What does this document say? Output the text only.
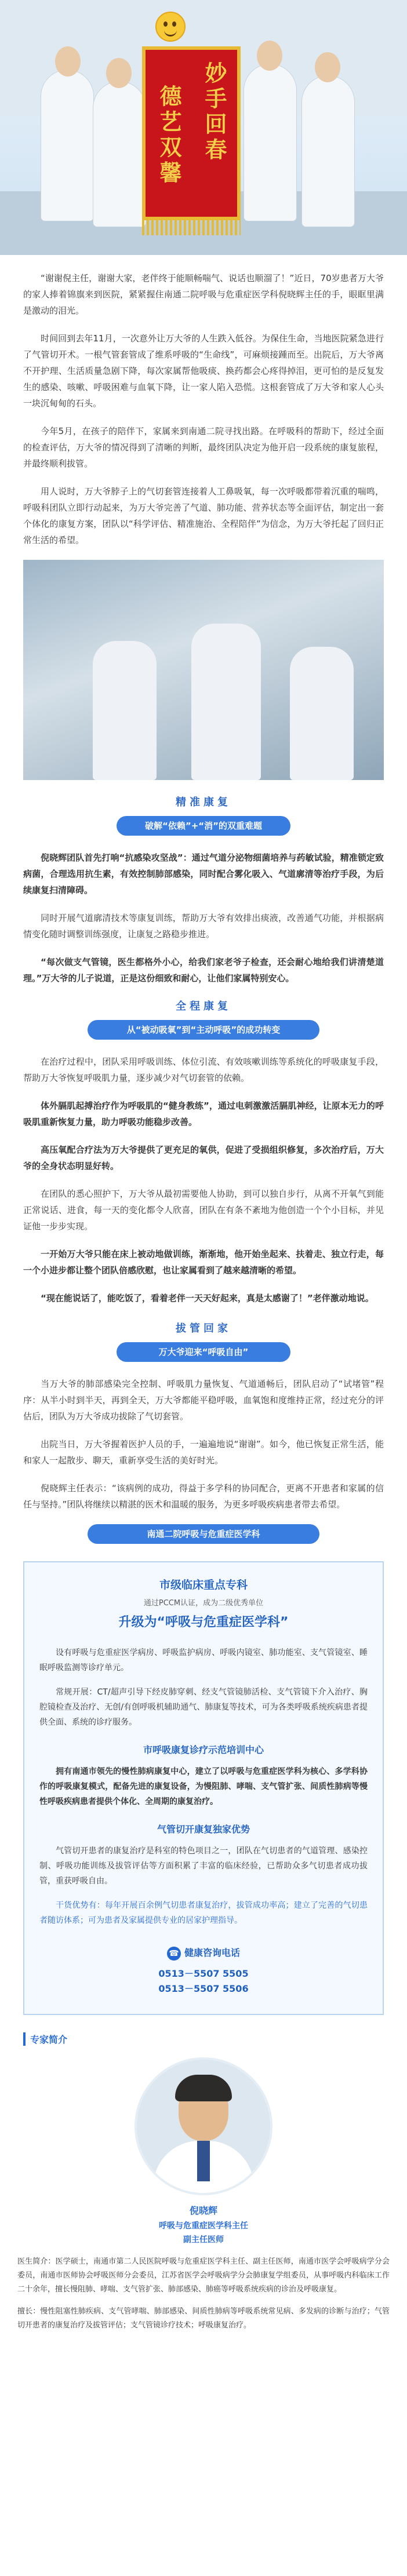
妙手回春
德艺双馨

“谢谢倪主任，谢谢大家，老伴终于能顺畅喘气、说话也顺溜了！”近日，70岁患者万大爷的家人捧着锦旗来到医院，紧紧握住南通二院呼吸与危重症医学科倪晓辉主任的手，眼眶里满是激动的泪光。

时间回到去年11月，一次意外让万大爷的人生跌入低谷。为保住生命，当地医院紧急进行了气管切开术。一根气管套管成了维系呼吸的“生命线”，可麻烦接踵而至。出院后，万大爷离不开护理、生活质量急剧下降，每次家属帮他吸痰、换药都会心疼得掉泪，更可怕的是反复发生的感染、咳嗽、呼吸困难与血氧下降，让一家人陷入恐慌。这根套管成了万大爷和家人心头一块沉甸甸的石头。

今年5月，在孩子的陪伴下，家属来到南通二院寻找出路。在呼吸科的帮助下，经过全面的检查评估，万大爷的情况得到了清晰的判断，最终团队决定为他开启一段系统的康复旅程，并最终顺利拔管。

用人说时，万大爷脖子上的气切套管连接着人工鼻吸氧，每一次呼吸都带着沉重的喘鸣，呼吸科团队立即行动起来，为万大爷完善了气道、肺功能、营养状态等全面评估，制定出一套个体化的康复方案，团队以“科学评估、精准施治、全程陪伴”为信念，为万大爷托起了回归正常生活的希望。

精准康复
破解“依赖”+“消”的双重难题

倪晓辉团队首先打响“抗感染攻坚战”：通过气道分泌物细菌培养与药敏试验，精准锁定致病菌，合理选用抗生素，有效控制肺部感染，同时配合雾化吸入、气道廓清等治疗手段，为后续康复扫清障碍。

同时开展气道廓清技术等康复训练，帮助万大爷有效排出痰液，改善通气功能，并根据病情变化随时调整训练强度，让康复之路稳步推进。

“每次做支气管镜，医生都格外小心，给我们家老爷子检查，还会耐心地给我们讲清楚道理。”万大爷的儿子说道，正是这份细致和耐心，让他们家属特别安心。

全程康复
从“被动吸氧”到“主动呼吸”的成功转变

在治疗过程中，团队采用呼吸训练、体位引流、有效咳嗽训练等系统化的呼吸康复手段，帮助万大爷恢复呼吸肌力量，逐步减少对气切套管的依赖。

体外膈肌起搏治疗作为呼吸肌的“健身教练”，通过电刺激激活膈肌神经，让原本无力的呼吸肌重新恢复力量，助力呼吸功能稳步改善。

高压氧配合疗法为万大爷提供了更充足的氧供，促进了受损组织修复，多次治疗后，万大爷的全身状态明显好转。

在团队的悉心照护下，万大爷从最初需要他人协助，到可以独自步行，从离不开氧气到能正常说话、进食，每一天的变化都令人欣喜，团队在有条不紊地为他创造一个个小目标，并见证他一步步实现。

一开始万大爷只能在床上被动地做训练，渐渐地，他开始坐起来、扶着走、独立行走，每一个小进步都让整个团队倍感欣慰，也让家属看到了越来越清晰的希望。

“现在能说话了，能吃饭了，看着老伴一天天好起来，真是太感谢了！”老伴激动地说。

拔管回家
万大爷迎来“呼吸自由”

当万大爷的肺部感染完全控制、呼吸肌力量恢复、气道通畅后，团队启动了“试堵管”程序：从半小时到半天，再到全天，万大爷都能平稳呼吸，血氧饱和度维持正常，经过充分的评估后，团队为万大爷成功拔除了气切套管。

出院当日，万大爷握着医护人员的手，一遍遍地说“谢谢”。如今，他已恢复正常生活，能和家人一起散步、聊天，重新享受生活的美好时光。

倪晓辉主任表示：“该病例的成功，得益于多学科的协同配合，更离不开患者和家属的信任与坚持。”团队将继续以精湛的医术和温暖的服务，为更多呼吸疾病患者带去希望。

南通二院呼吸与危重症医学科
市级临床重点专科
通过PCCM认证，成为二级优秀单位
升级为“呼吸与危重症医学科”

设有呼吸与危重症医学病房、呼吸监护病房、呼吸内镜室、肺功能室、支气管镜室、睡眠呼吸监测等诊疗单元。

常规开展：CT/超声引导下经皮肺穿刺、经支气管镜肺活检、支气管镜下介入治疗、胸腔镜检查及治疗、无创/有创呼吸机辅助通气、肺康复等技术，可为各类呼吸系统疾病患者提供全面、系统的诊疗服务。

市呼吸康复诊疗示范培训中心

拥有南通市领先的慢性肺病康复中心，建立了以呼吸与危重症医学科为核心、多学科协作的呼吸康复模式，配备先进的康复设备，为慢阻肺、哮喘、支气管扩张、间质性肺病等慢性呼吸疾病患者提供个体化、全周期的康复治疗。

气管切开康复独家优势

气管切开患者的康复治疗是科室的特色项目之一，团队在气切患者的气道管理、感染控制、呼吸功能训练及拔管评估等方面积累了丰富的临床经验，已帮助众多气切患者成功拔管，重获呼吸自由。

干货优势有：每年开展百余例气切患者康复治疗，拔管成功率高；建立了完善的气切患者随访体系；可为患者及家属提供专业的居家护理指导。

☎ 健康咨询电话
0513－5507 5505
0513－5507 5506
专家简介
倪晓辉
呼吸与危重症医学科主任
副主任医师

医生简介：医学硕士，南通市第二人民医院呼吸与危重症医学科主任、副主任医师，南通市医学会呼吸病学分会委员，南通市医师协会呼吸医师分会委员，江苏省医学会呼吸病学分会肺康复学组委员，从事呼吸内科临床工作二十余年，擅长慢阻肺、哮喘、支气管扩张、肺部感染、肺癌等呼吸系统疾病的诊治及呼吸康复。

擅长：慢性阻塞性肺疾病、支气管哮喘、肺部感染、间质性肺病等呼吸系统常见病、多发病的诊断与治疗；气管切开患者的康复治疗及拔管评估；支气管镜诊疗技术；呼吸康复治疗。
